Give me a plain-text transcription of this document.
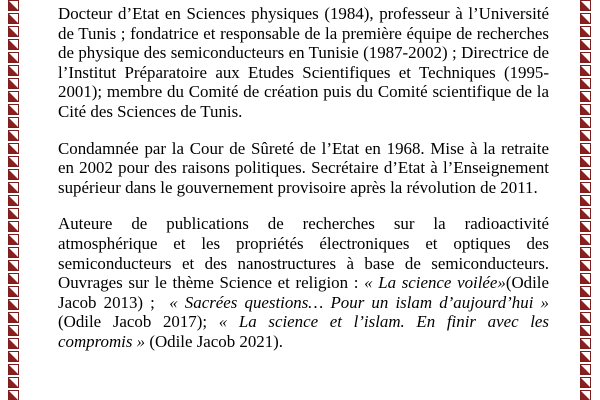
Docteur d’Etat en Sciences physiques (1984), professeur à l’Université de Tunis ; fondatrice et responsable de la première équipe de recherches de physique des semiconducteurs en Tunisie (1987-2002) ; Directrice de l’Institut Préparatoire aux Etudes Scientifiques et Techniques (1995-2001); membre du Comité de création puis du Comité scientifique de la Cité des Sciences de Tunis.

Condamnée par la Cour de Sûreté de l’Etat en 1968. Mise à la retraite en 2002 pour des raisons politiques. Secrétaire d’Etat à l’Enseignement supérieur dans le gouvernement provisoire après la révolution de 2011.

Auteure de publications de recherches sur la radioactivité atmosphérique et les propriétés électroniques et optiques des semiconducteurs et des nanostructures à base de semiconducteurs. Ouvrages sur le thème Science et religion : « La science voilée»(Odile Jacob 2013) ;  « Sacrées questions… Pour un islam d’aujourd’hui » (Odile Jacob 2017); « La science et l’islam. En finir avec les compromis » (Odile Jacob 2021).
